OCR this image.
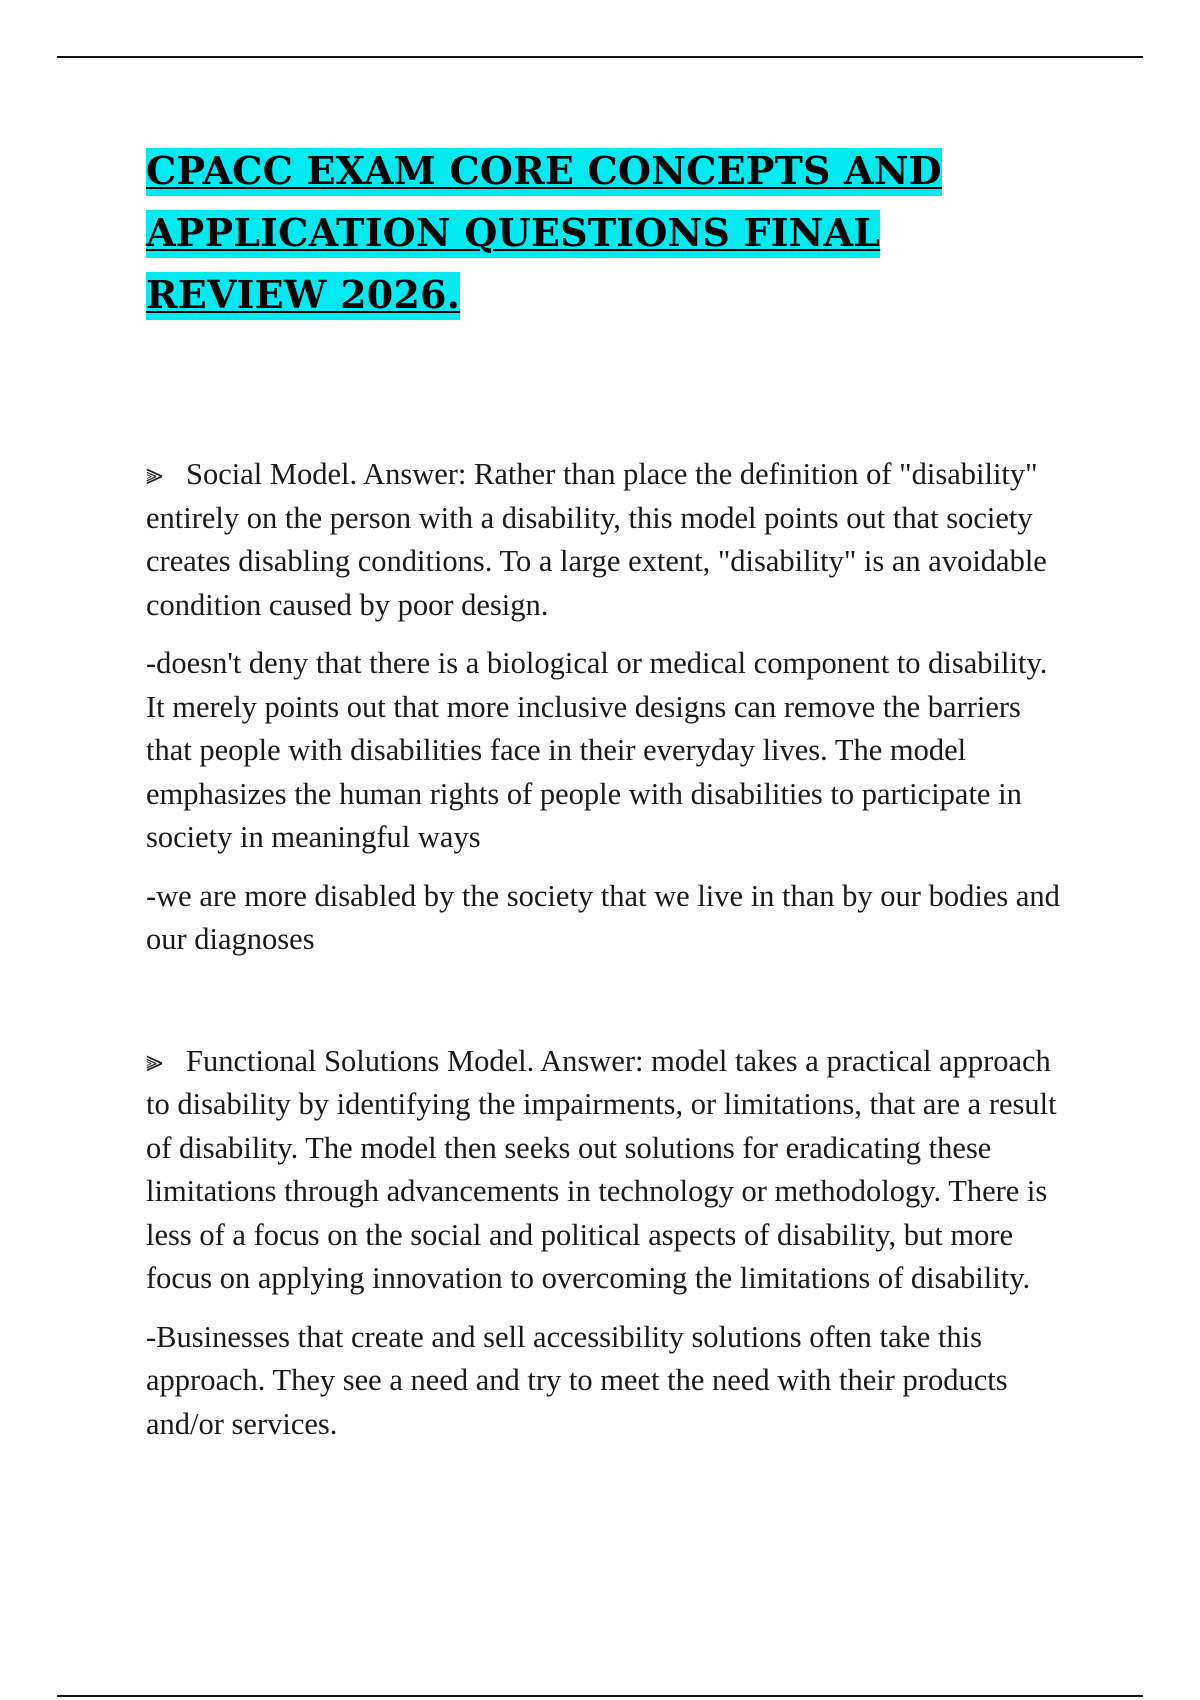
CPACC EXAM CORE CONCEPTS AND APPLICATION QUESTIONS FINAL REVIEW 2026.

⫸ Social Model. Answer: Rather than place the definition of "disability" entirely on the person with a disability, this model points out that society creates disabling conditions. To a large extent, "disability" is an avoidable condition caused by poor design.

-doesn't deny that there is a biological or medical component to disability. It merely points out that more inclusive designs can remove the barriers that people with disabilities face in their everyday lives. The model emphasizes the human rights of people with disabilities to participate in society in meaningful ways

-we are more disabled by the society that we live in than by our bodies and our diagnoses

⫸ Functional Solutions Model. Answer: model takes a practical approach to disability by identifying the impairments, or limitations, that are a result of disability. The model then seeks out solutions for eradicating these limitations through advancements in technology or methodology. There is less of a focus on the social and political aspects of disability, but more focus on applying innovation to overcoming the limitations of disability.

-Businesses that create and sell accessibility solutions often take this approach. They see a need and try to meet the need with their products and/or services.
